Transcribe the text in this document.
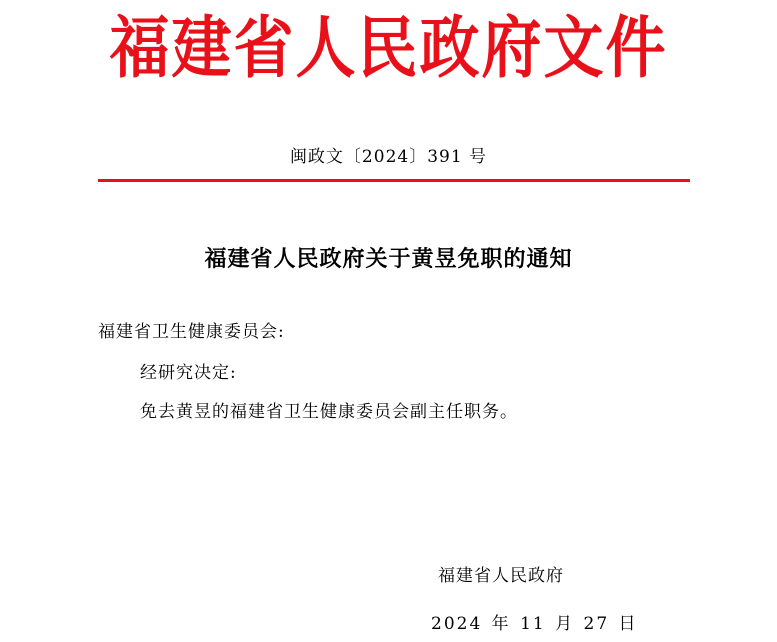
福建省人民政府文件
闽政文〔2024〕391 号
福建省人民政府关于黄昱免职的通知
福建省卫生健康委员会:
经研究决定:
免去黄昱的福建省卫生健康委员会副主任职务。
福建省人民政府
2024 年 11 月 27 日
